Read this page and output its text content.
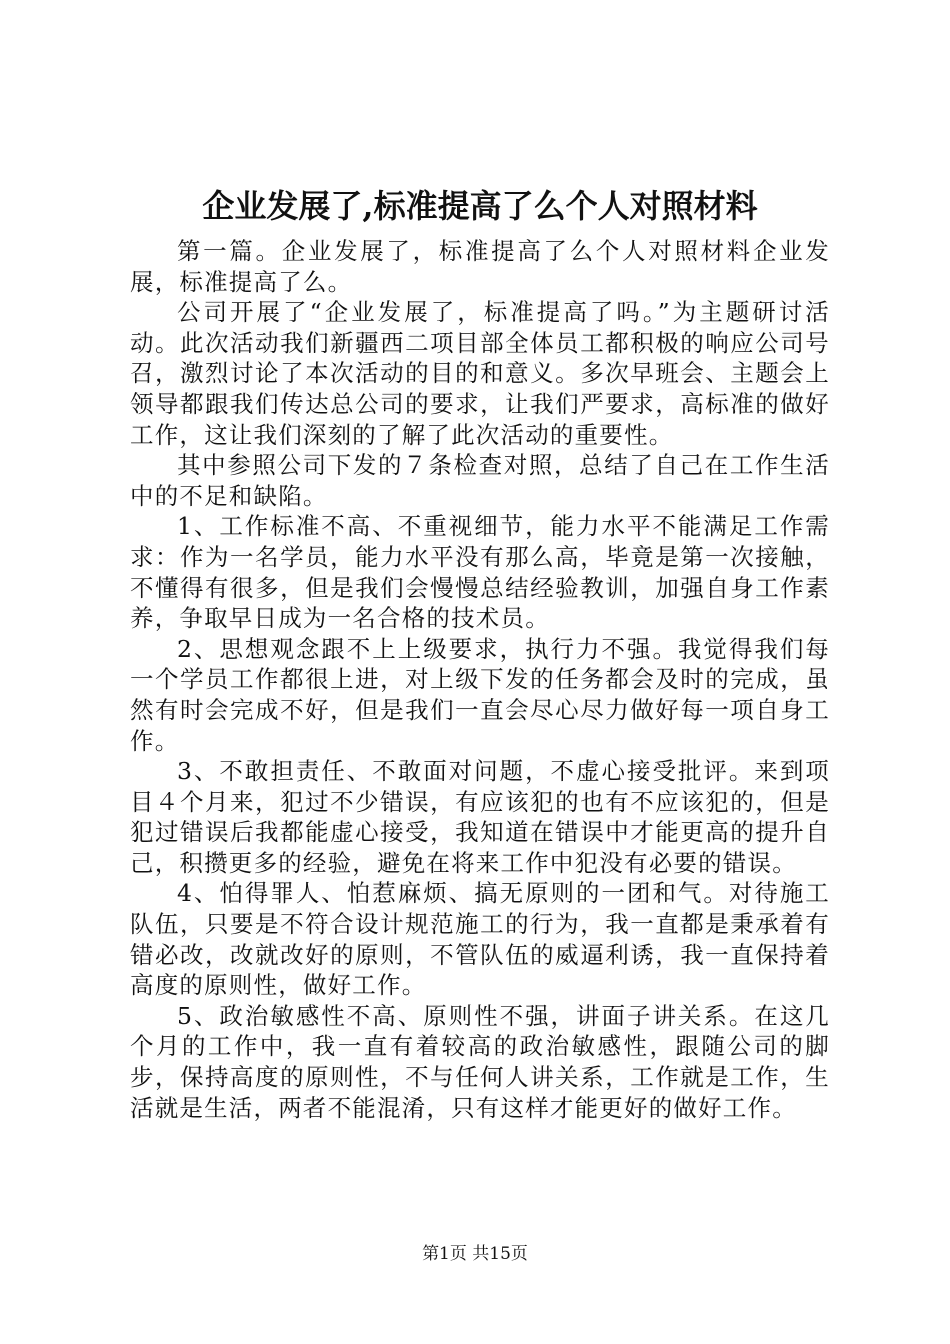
企业发展了,标准提高了么个人对照材料

第一篇。企业发展了，标准提高了么个人对照材料企业发展，标准提高了么。

公司开展了“企业发展了，标准提高了吗。”为主题研讨活动。此次活动我们新疆西二项目部全体员工都积极的响应公司号召，激烈讨论了本次活动的目的和意义。多次早班会、主题会上领导都跟我们传达总公司的要求，让我们严要求，高标准的做好工作，这让我们深刻的了解了此次活动的重要性。

其中参照公司下发的７条检查对照，总结了自己在工作生活中的不足和缺陷。

1、工作标准不高、不重视细节，能力水平不能满足工作需求：作为一名学员，能力水平没有那么高，毕竟是第一次接触，不懂得有很多，但是我们会慢慢总结经验教训，加强自身工作素养，争取早日成为一名合格的技术员。

2、思想观念跟不上上级要求，执行力不强。我觉得我们每一个学员工作都很上进，对上级下发的任务都会及时的完成，虽然有时会完成不好，但是我们一直会尽心尽力做好每一项自身工作。

3、不敢担责任、不敢面对问题，不虚心接受批评。来到项目４个月来，犯过不少错误，有应该犯的也有不应该犯的，但是犯过错误后我都能虚心接受，我知道在错误中才能更高的提升自己，积攒更多的经验，避免在将来工作中犯没有必要的错误。

4、怕得罪人、怕惹麻烦、搞无原则的一团和气。对待施工队伍，只要是不符合设计规范施工的行为，我一直都是秉承着有错必改，改就改好的原则，不管队伍的威逼利诱，我一直保持着高度的原则性，做好工作。

5、政治敏感性不高、原则性不强，讲面子讲关系。在这几个月的工作中，我一直有着较高的政治敏感性，跟随公司的脚步，保持高度的原则性，不与任何人讲关系，工作就是工作，生活就是生活，两者不能混淆，只有这样才能更好的做好工作。

第1页 共15页
